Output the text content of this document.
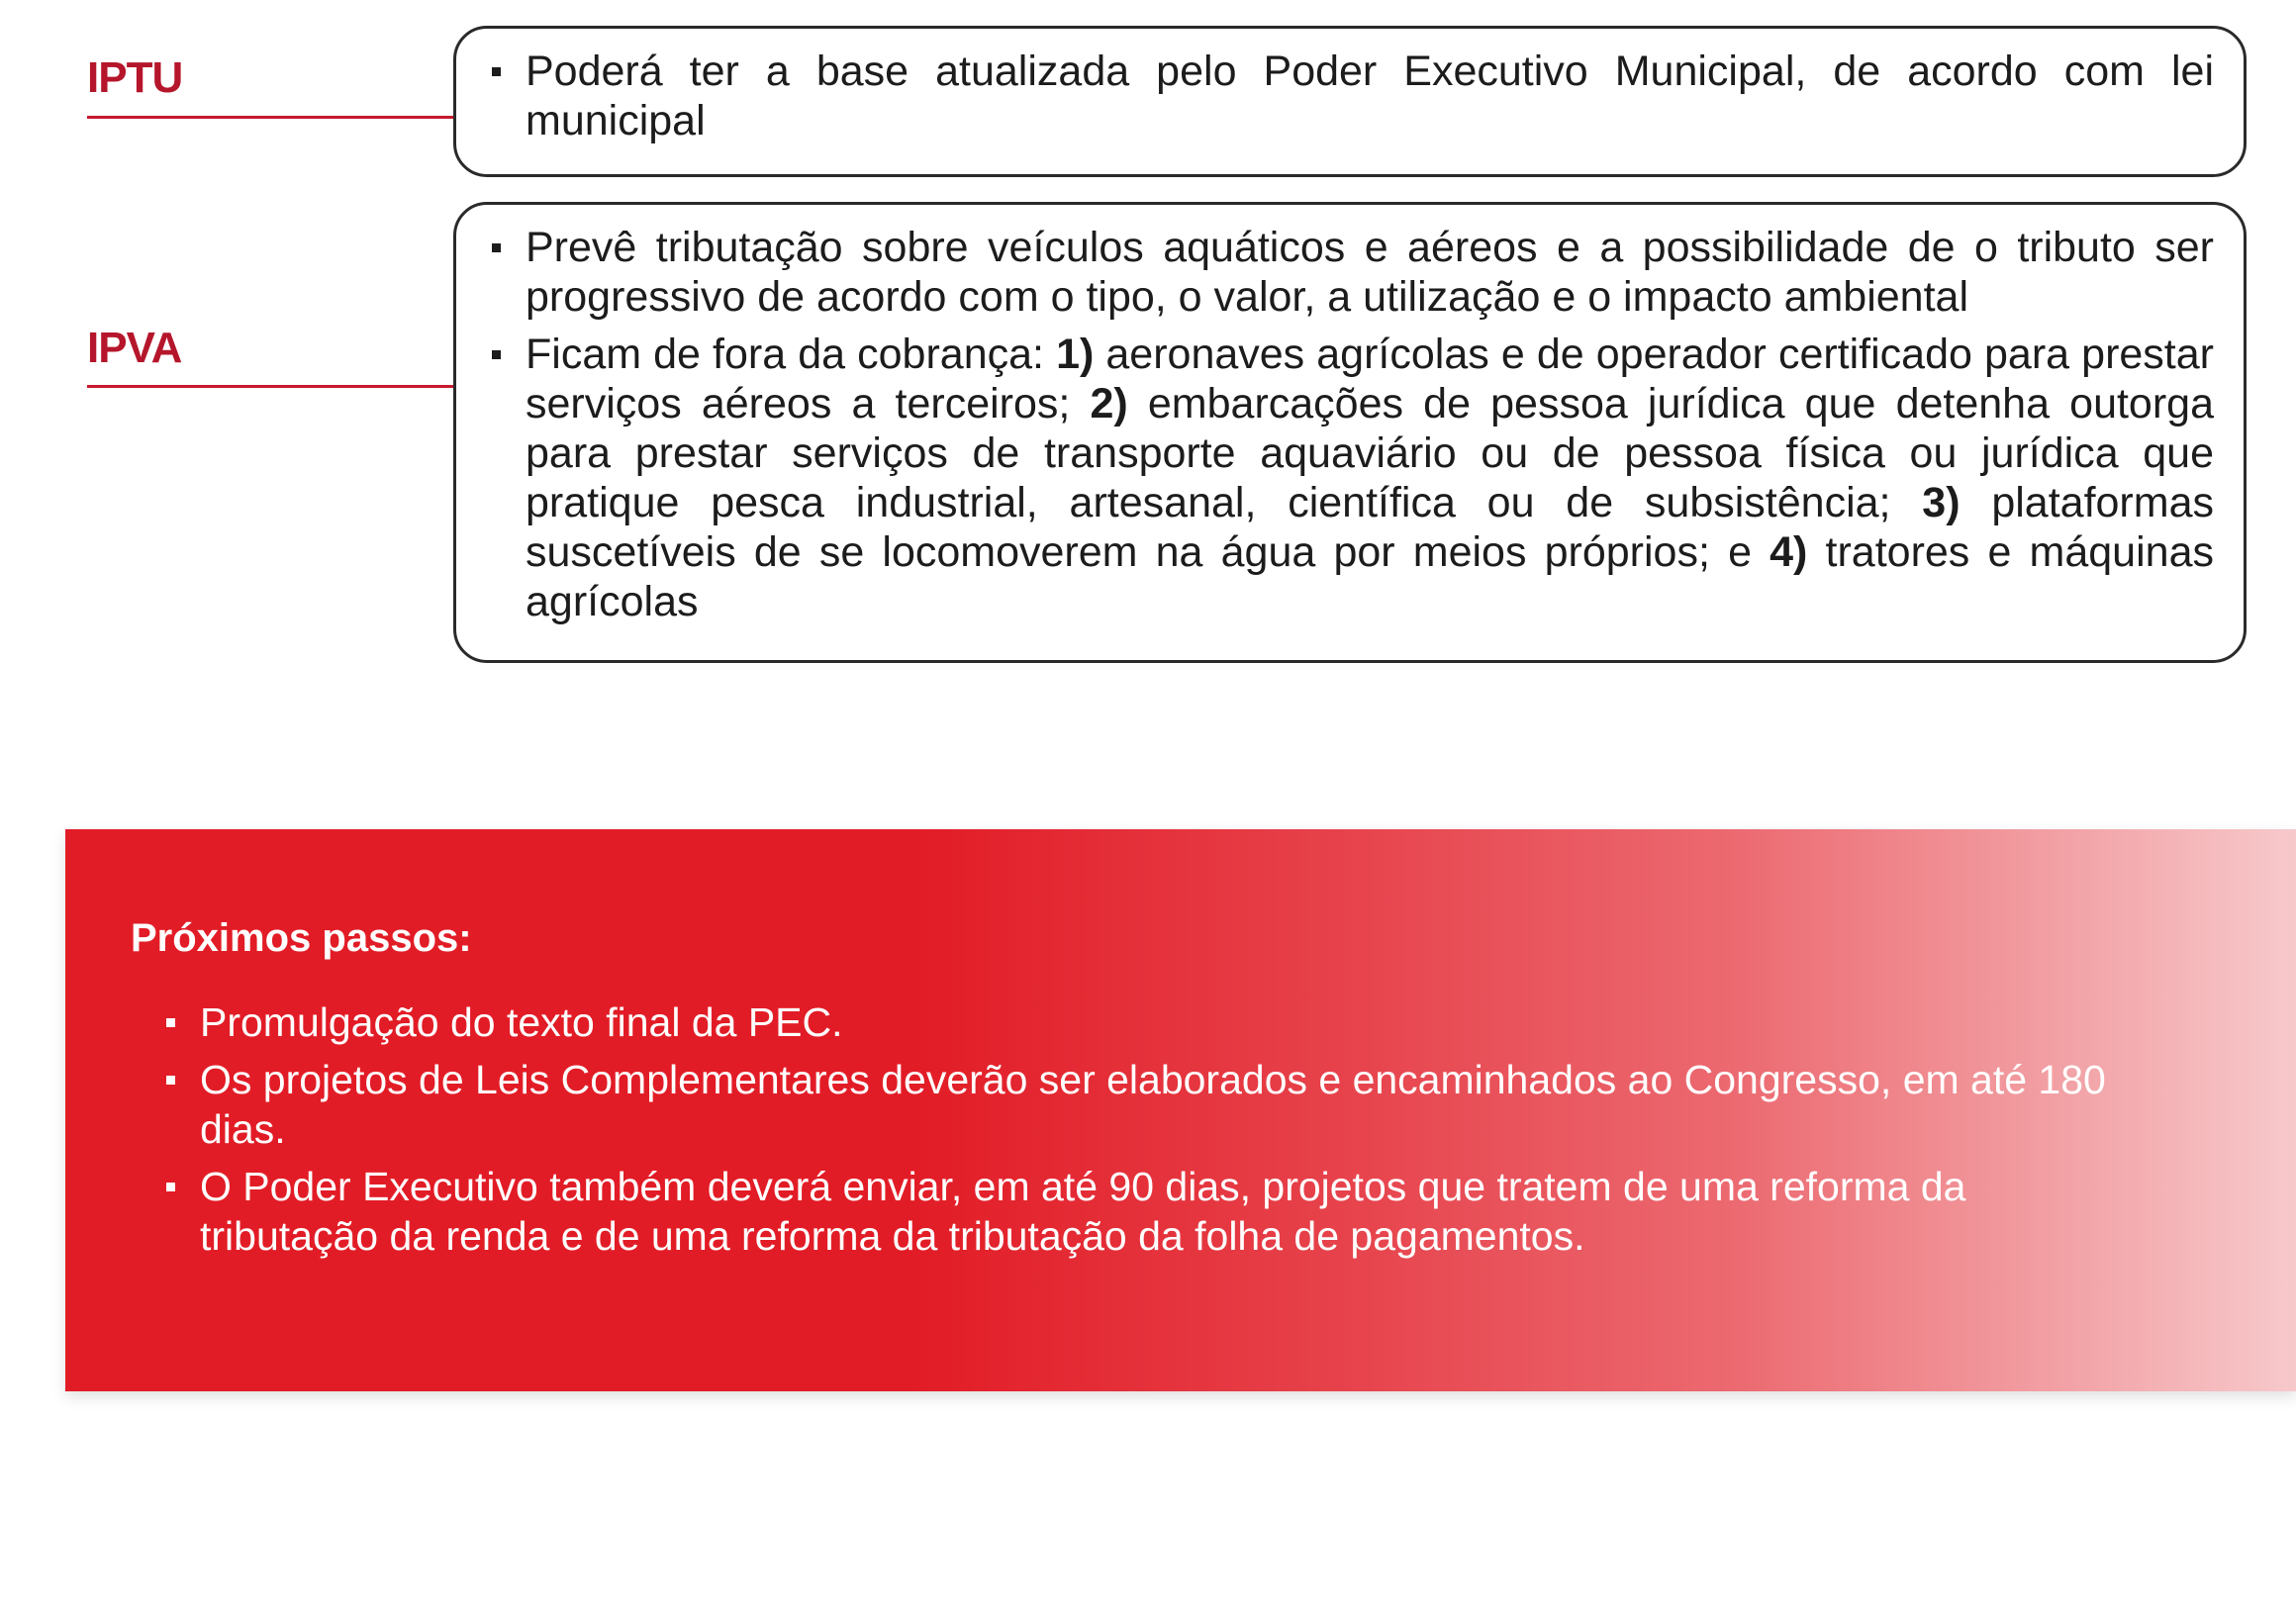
IPTU	Poderá ter a base atualizada pelo Poder Executivo Municipal, de acordo com lei municipal
IPVA
Prevê tributação sobre veículos aquáticos e aéreos e a possibilidade de o tributo ser progressivo de acordo com o tipo, o valor, a utilização e o impacto ambiental
Ficam de fora da cobrança: 1) aeronaves agrícolas e de operador certificado para prestar serviços aéreos a terceiros; 2) embarcações de pessoa jurídica que detenha outorga para prestar serviços de transporte aquaviário ou de pessoa física ou jurídica que pratique pesca industrial, artesanal, científica ou de subsistência; 3) plataformas suscetíveis de se locomoverem na água por meios próprios; e 4) tratores e máquinas agrícolas
Próximos passos:
Promulgação do texto final da PEC.
Os projetos de Leis Complementares deverão ser elaborados e encaminhados ao Congresso, em até 180 dias.
O Poder Executivo também deverá enviar, em até 90 dias, projetos que tratem de uma reforma da tributação da renda e de uma reforma da tributação da folha de pagamentos.
